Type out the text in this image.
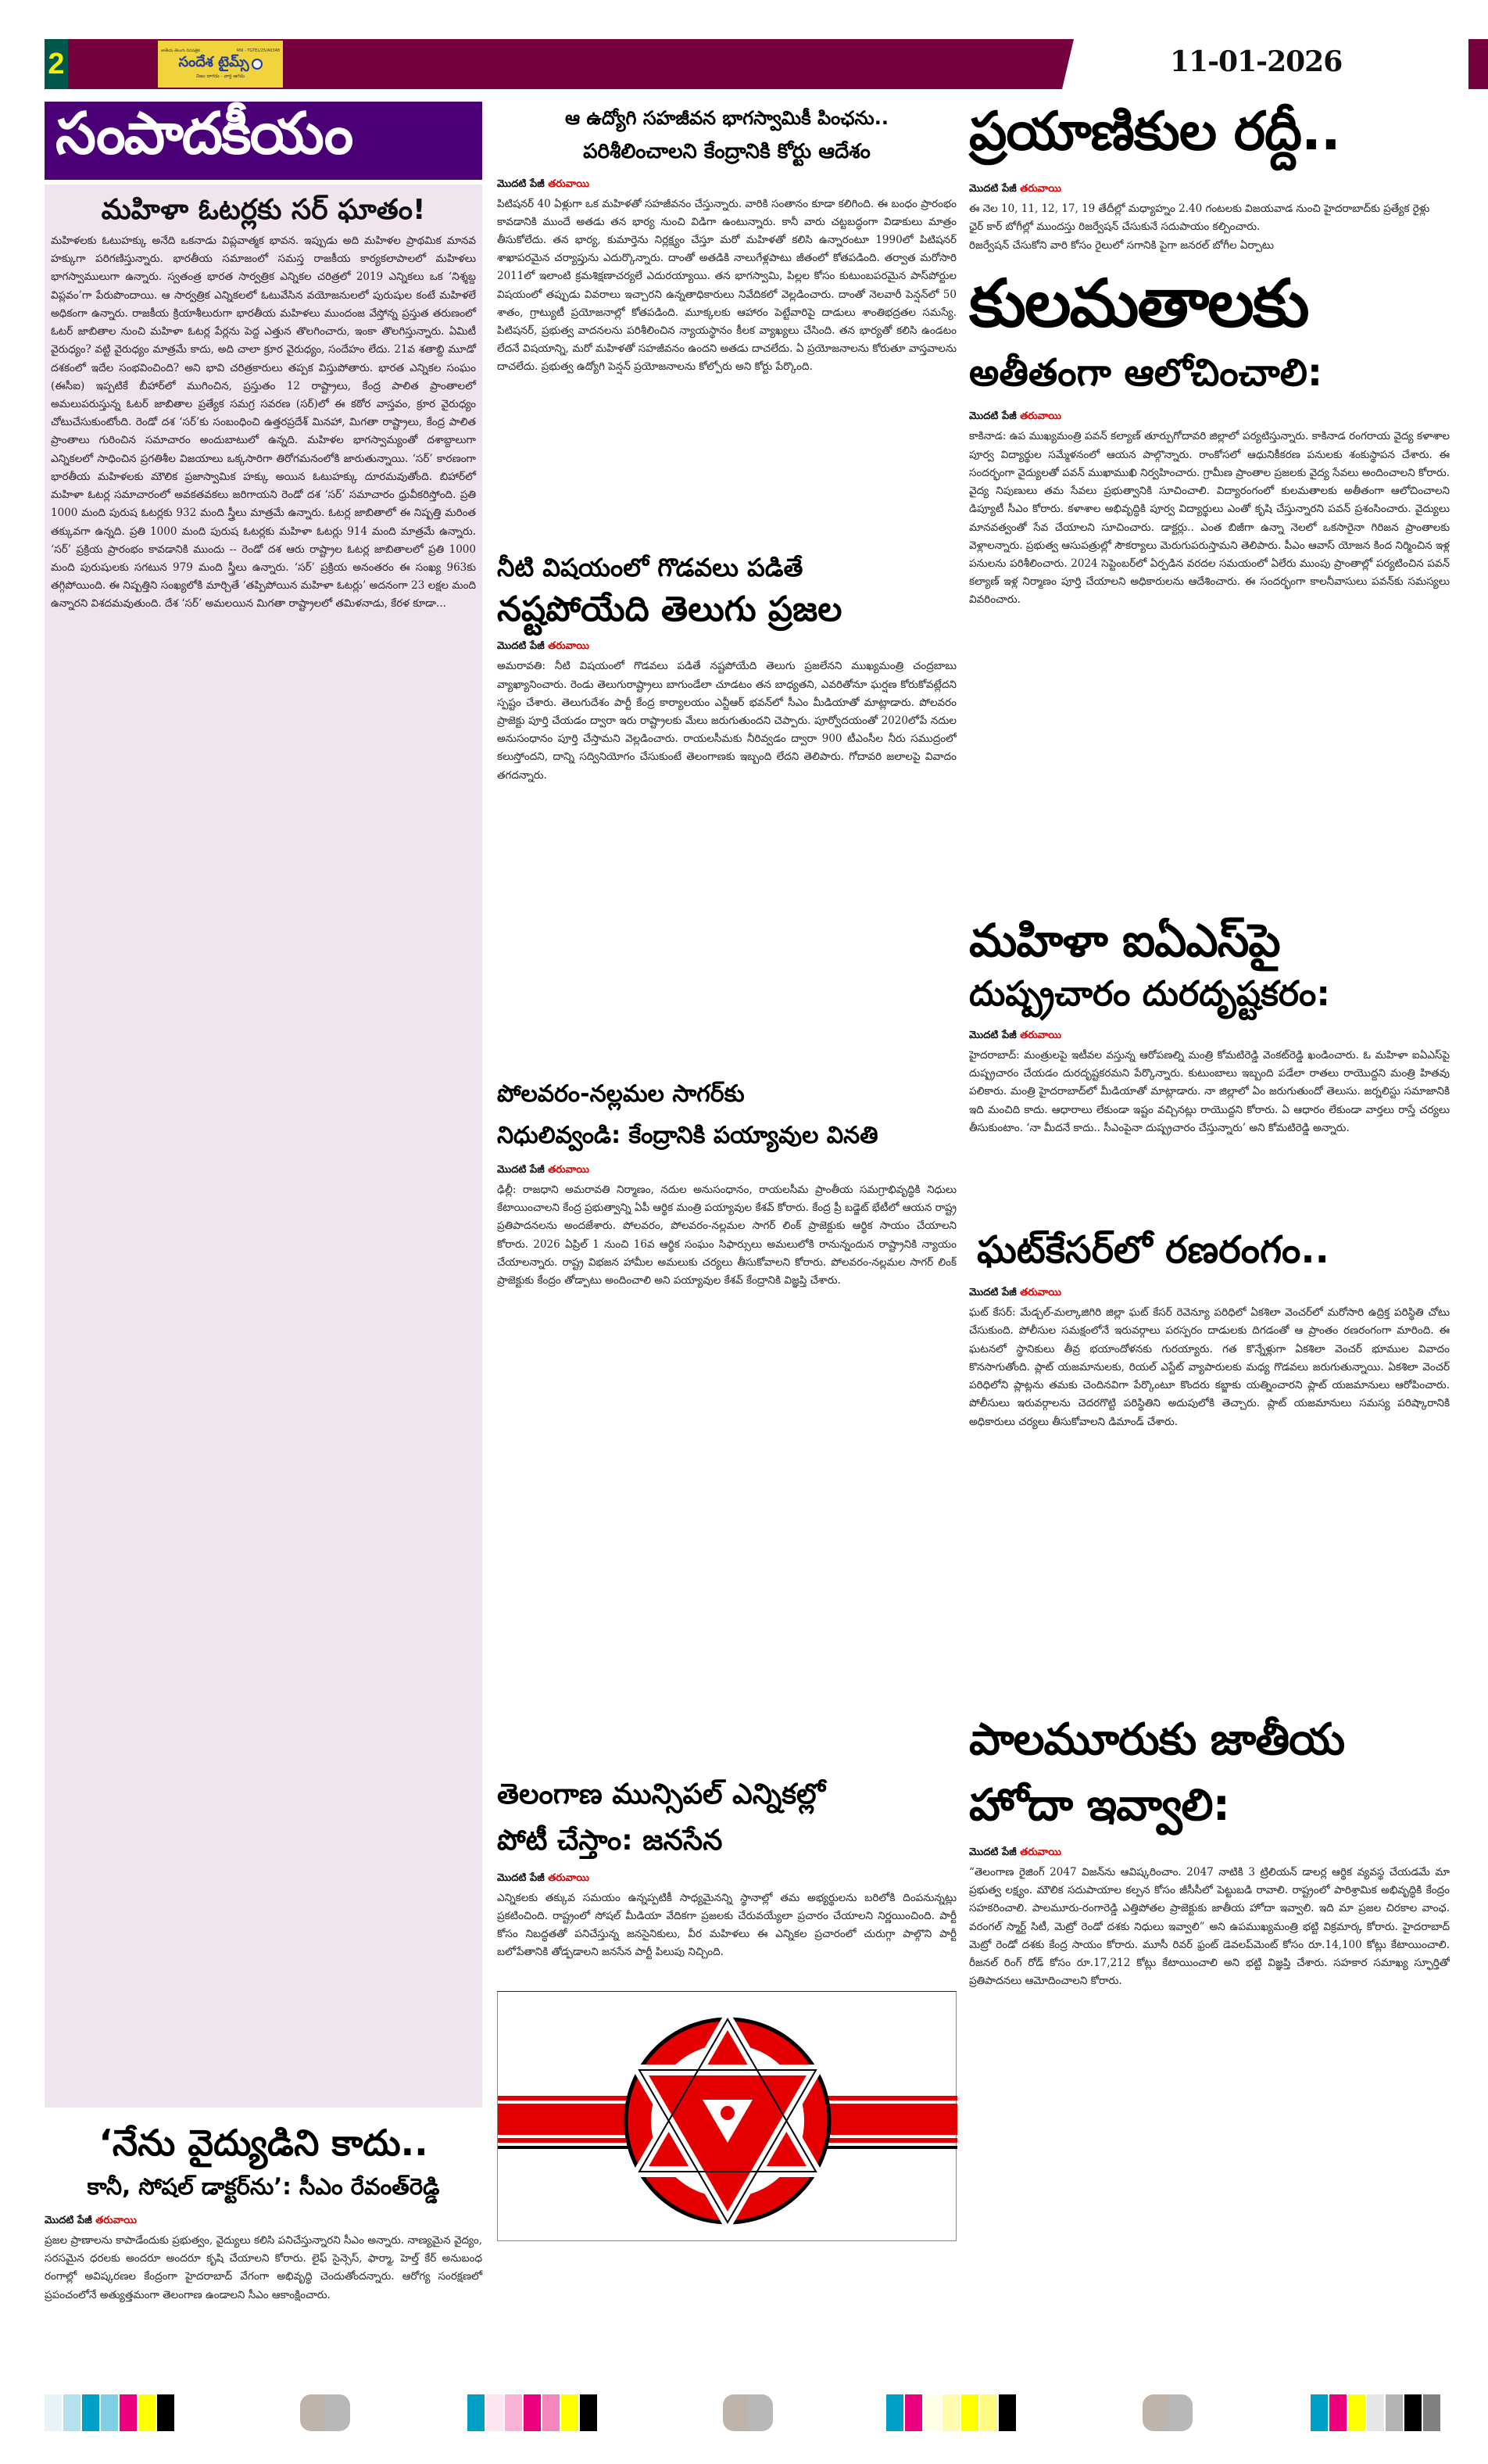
2	జాతీయ తెలుగు దినపత్రిక	RNI - TGTEL/25/A0348
సందేశ టైమ్స్
నిజం దాగదు - వార్త ఆగదు	11-01-2026
సంపాదకీయం
మహిళా ఓటర్లకు సర్ ఘాతం!
మహిళలకు ఓటుహక్కు అనేది ఒకనాడు విప్లవాత్మక భావన. ఇప్పుడు అది మహిళల ప్రాథమిక మానవ హక్కుగా పరిగణిస్తున్నారు. భారతీయ సమాజంలో సమస్త రాజకీయ కార్యకలాపాలలో మహిళలు భాగస్వాములుగా ఉన్నారు. స్వతంత్ర భారత సార్వత్రిక ఎన్నికల చరిత్రలో 2019 ఎన్నికలు ఒక ‘నిశ్శబ్ద విప్లవం’గా పేరుపొందాయి. ఆ సార్వత్రిక ఎన్నికలలో ఓటువేసిన వయోజనులలో పురుషుల కంటే మహిళలే అధికంగా ఉన్నారు. రాజకీయ క్రియాశీలురుగా భారతీయ మహిళలు ముందంజ వేస్తోన్న ప్రస్తుత తరుణంలో ఓటర్ జాబితాల నుంచి మహిళా ఓటర్ల పేర్లను పెద్ద ఎత్తున తొలగించారు, ఇంకా తొలగిస్తున్నారు. ఏమిటీ వైరుధ్యం? వట్టి వైరుధ్యం మాత్రమే కాదు, అది చాలా క్రూర వైరుధ్యం, సందేహం లేదు. 21వ శతాబ్ది మూడో దశకంలో ఇదేల సంభవించింది? అని భావి చరిత్రకారులు తప్పక విస్తుపోతారు. భారత ఎన్నికల సంఘం (ఈసీఐ) ఇప్పటికే బీహార్‌లో ముగించిన, ప్రస్తుతం 12 రాష్ట్రాలు, కేంద్ర పాలిత ప్రాంతాలలో అమలుపరుస్తున్న ఓటర్ జాబితాల ప్రత్యేక సమగ్ర సవరణ (సర్)లో ఈ కఠోర వాస్తవం, క్రూర వైరుధ్యం చోటుచేసుకుంటోంది. రెండో దశ ‘సర్’కు సంబంధించి ఉత్తరప్రదేశ్ మినహా, మిగతా రాష్ట్రాలు, కేంద్ర పాలిత ప్రాంతాలు గురించిన సమాచారం అందుబాటులో ఉన్నది. మహిళల భాగస్వామ్యంతో దశాబ్దాలుగా ఎన్నికలలో సాధించిన ప్రగతిశీల విజయాలు ఒక్కసారిగా తిరోగమనంలోకి జారుతున్నాయి. ‘సర్’ కారణంగా భారతీయ మహిళలకు మౌలిక ప్రజాస్వామిక హక్కు అయిన ఓటుహక్కు దూరమవుతోంది. బిహార్‌లో మహిళా ఓటర్ల సమాచారంలో అవకతవకలు జరిగాయని రెండో దశ ‘సర్’ సమాచారం ధ్రువీకరిస్తోంది. ప్రతి 1000 మంది పురుష ఓటర్లకు 932 మంది స్త్రీలు మాత్రమే ఉన్నారు. ఓటర్ల జాబితాలో ఈ నిష్పత్తి మరింత తక్కువగా ఉన్నది. ప్రతి 1000 మంది పురుష ఓటర్లకు మహిళా ఓటర్లు 914 మంది మాత్రమే ఉన్నారు. ‘సర్’ ప్రక్రియ ప్రారంభం కావడానికి ముందు -- రెండో దశ ఆరు రాష్ట్రాల ఓటర్ల జాబితాలలో ప్రతి 1000 మంది పురుషులకు సగటున 979 మంది స్త్రీలు ఉన్నారు. ‘సర్’ ప్రక్రియ అనంతరం ఈ సంఖ్య 963కు తగ్గిపోయింది. ఈ నిష్పత్తిని సంఖ్యలోకి మార్చితే ‘తప్పిపోయిన మహిళా ఓటర్లు’ అదనంగా 23 లక్షల మంది ఉన్నారని విశదమవుతుంది. దేశ ‘సర్’ అమలయిన మిగతా రాష్ట్రాలలో తమిళనాడు, కేరళ కూడా...
‘నేను వైద్యుడిని కాదు..
కానీ, సోషల్ డాక్టర్‌ను’: సీఎం రేవంత్‌రెడ్డి
మొదటి పేజీ తరువాయి
ప్రజల ప్రాణాలను కాపాడేందుకు ప్రభుత్వం, వైద్యులు కలిసి పనిచేస్తున్నారని సీఎం అన్నారు. నాణ్యమైన వైద్యం, సరసమైన ధరలకు అందరూ అందరూ కృషి చేయాలని కోరారు. లైఫ్ సైన్సెస్, ఫార్మా, హెల్త్ కేర్ అనుబంధ రంగాల్లో అవిష్కరణల కేంద్రంగా హైదరాబాద్ వేగంగా అభివృద్ధి చెందుతోందన్నారు. ఆరోగ్య సంరక్షణలో ప్రపంచంలోనే అత్యుత్తమంగా తెలంగాణ ఉండాలని సీఎం ఆకాంక్షించారు.
ఆ ఉద్యోగి సహజీవన భాగస్వామికీ పింఛను..
పరిశీలించాలని కేంద్రానికి కోర్టు ఆదేశం
మొదటి పేజీ తరువాయి
పిటిషనర్ 40 ఏళ్లుగా ఒక మహిళతో సహజీవనం చేస్తున్నారు. వారికి సంతానం కూడా కలిగింది. ఈ బంధం ప్రారంభం కావడానికి ముందే అతడు తన భార్య నుంచి విడిగా ఉంటున్నారు. కానీ వారు చట్టబద్ధంగా విడాకులు మాత్రం తీసుకోలేదు. తన భార్య, కుమార్తెను నిర్లక్ష్యం చేస్తూ మరో మహిళతో కలిసి ఉన్నారంటూ 1990లో పిటిషనర్ శాఖాపరమైన చర్యాప్తును ఎదుర్కొన్నారు. దాంతో అతడికి నాలుగేళ్లపాటు జీతంలో కోతపడింది. తర్వాత మరోసారి 2011లో ఇలాంటి క్రమశిక్షణాచర్యలే ఎదురయ్యాయి. తన భాగస్వామి, పిల్లల కోసం కుటుంబపరమైన పాస్‌పోర్టుల విషయంలో తప్పుడు వివరాలు ఇచ్చారని ఉన్నతాధికారులు నివేదికలో వెల్లడించారు. దాంతో నెలవారీ పెన్షన్‌లో 50 శాతం, గ్రాట్యుటీ ప్రయోజనాల్లో కోతపడింది. మూక్కలకు ఆహారం పెట్టేవారిపై దాడులు శాంతిభద్రతల సమస్యే. పిటిషనర్, ప్రభుత్వ వాదనలను పరిశీలించిన న్యాయస్థానం కీలక వ్యాఖ్యలు చేసింది. తన భార్యతో కలిసి ఉండటం లేదనే విషయాన్ని, మరో మహిళతో సహజీవనం ఉందని అతడు దాచలేదు. ఏ ప్రయోజనాలను కోరుతూ వాస్తవాలను దాచలేదు. ప్రభుత్వ ఉద్యోగి పెన్షన్ ప్రయోజనాలను కోల్పోరు అని కోర్టు పేర్కొంది.
నీటి విషయంలో గొడవలు పడితే
నష్టపోయేది తెలుగు ప్రజల
మొదటి పేజీ తరువాయి
అమరావతి: నీటి విషయంలో గొడవలు పడితే నష్టపోయేది తెలుగు ప్రజలేనని ముఖ్యమంత్రి చంద్రబాబు వ్యాఖ్యానించారు. రెండు తెలుగురాష్ట్రాలు బాగుండేలా చూడటం తన బాధ్యతని, ఎవరితోనూ ఘర్షణ కోరుకోవట్లేదని స్పష్టం చేశారు. తెలుగుదేశం పార్టీ కేంద్ర కార్యాలయం ఎన్టీఆర్ భవన్‌లో సీఎం మీడియాతో మాట్లాడారు. పోలవరం ప్రాజెక్టు పూర్తి చేయడం ద్వారా ఇరు రాష్ట్రాలకు మేలు జరుగుతుందని చెప్పారు. పూర్వోదయంతో 2020లోపే నదుల అనుసంధానం పూర్తి చేస్తామని వెల్లడించారు. రాయలసీమకు నీరివ్వడం ద్వారా 900 టీఎంసీల నీరు సముద్రంలో కలుస్తోందని, దాన్ని సద్వినియోగం చేసుకుంటే తెలంగాణకు ఇబ్బంది లేదని తెలిపారు. గోదావరి జలాలపై వివాదం తగదన్నారు.
పోలవరం-నల్లమల సాగర్‌కు
నిధులివ్వండి: కేంద్రానికి పయ్యావుల వినతి
మొదటి పేజీ తరువాయి
ఢిల్లీ: రాజధాని అమరావతి నిర్మాణం, నదుల అనుసంధానం, రాయలసీమ ప్రాంతీయ సమగ్రాభివృద్ధికి నిధులు కేటాయించాలని కేంద్ర ప్రభుత్వాన్ని ఏపీ ఆర్థిక మంత్రి పయ్యావుల కేశవ్ కోరారు. కేంద్ర ప్రీ బడ్జెట్ భేటీలో ఆయన రాష్ట్ర ప్రతిపాదనలను అందజేశారు. పోలవరం, పోలవరం-నల్లమల సాగర్ లింక్ ప్రాజెక్టుకు ఆర్థిక సాయం చేయాలని కోరారు. 2026 ఏప్రిల్ 1 నుంచి 16వ ఆర్థిక సంఘం సిఫార్సులు అమలులోకి రానున్నందున రాష్ట్రానికి న్యాయం చేయాలన్నారు. రాష్ట్ర విభజన హామీల అమలుకు చర్యలు తీసుకోవాలని కోరారు. పోలవరం-నల్లమల సాగర్ లింక్ ప్రాజెక్టుకు కేంద్రం తోడ్పాటు అందించాలి అని పయ్యావుల కేశవ్ కేంద్రానికి విజ్ఞప్తి చేశారు.
తెలంగాణ మున్సిపల్ ఎన్నికల్లో
పోటీ చేస్తాం: జనసేన
మొదటి పేజీ తరువాయి
ఎన్నికలకు తక్కువ సమయం ఉన్నప్పటికీ సాధ్యమైనన్ని స్థానాల్లో తమ అభ్యర్థులను బరిలోకి దింపనున్నట్లు ప్రకటించింది. రాష్ట్రంలో సోషల్ మీడియా వేదికగా ప్రజలకు చేరువయ్యేలా ప్రచారం చేయాలని నిర్ణయించింది. పార్టీ కోసం నిబద్ధతతో పనిచేస్తున్న జనసైనికులు, వీర మహిళలు ఈ ఎన్నికల ప్రచారంలో చురుగ్గా పాల్గొని పార్టీ బలోపేతానికి తోడ్పడాలని జనసేన పార్టీ పిలుపు నిచ్చింది.
ప్రయాణికుల రద్దీ..
మొదటి పేజీ తరువాయి

ఈ నెల 10, 11, 12, 17, 19 తేదీల్లో మధ్యాహ్నం 2.40 గంటలకు విజయవాడ నుంచి హైదరాబాద్‌కు ప్రత్యేక రైళ్లు

ఛైర్ కార్ బోగీల్లో ముందస్తు రిజర్వేషన్ చేసుకునే సదుపాయం కల్పించారు.

రిజర్వేషన్ చేసుకోని వారి కోసం రైలులో సగానికి పైగా జనరల్ బోగీల ఏర్పాటు

కులమతాలకు
అతీతంగా ఆలోచించాలి:
మొదటి పేజీ తరువాయి
కాకినాడ: ఉప ముఖ్యమంత్రి పవన్ కల్యాణ్ తూర్పుగోదావరి జిల్లాలో పర్యటిస్తున్నారు. కాకినాడ రంగరాయ వైద్య కళాశాల పూర్వ విద్యార్థుల సమ్మేళనంలో ఆయన పాల్గొన్నారు. రాంకోసలో ఆధునికీకరణ పనులకు శంకుస్థాపన చేశారు. ఈ సందర్భంగా వైద్యులతో పవన్ ముఖాముఖి నిర్వహించారు. గ్రామీణ ప్రాంతాల ప్రజలకు వైద్య సేవలు అందించాలని కోరారు. వైద్య నిపుణులు తమ సేవలు ప్రభుత్వానికి సూచించాలి. విద్యారంగంలో కులమతాలకు అతీతంగా ఆలోచించాలని డిప్యూటీ సీఎం కోరారు. కళాశాల అభివృద్ధికి పూర్వ విద్యార్థులు ఎంతో కృషి చేస్తున్నారని పవన్ ప్రశంసించారు. వైద్యులు మానవత్వంతో సేవ చేయాలని సూచించారు. డాక్టర్లు.. ఎంత బిజీగా ఉన్నా నెలలో ఒకసారైనా గిరిజన ప్రాంతాలకు వెళ్లాలన్నారు. ప్రభుత్వ ఆసుపత్రుల్లో సౌకర్యాలు మెరుగుపరుస్తామని తెలిపారు. పీఎం ఆవాస్ యోజన కింద నిర్మించిన ఇళ్ల పనులను పరిశీలించారు. 2024 సెప్టెంబర్‌లో ఏర్పడిన వరదల సమయంలో ఏలేరు ముంపు ప్రాంతాల్లో పర్యటించిన పవన్ కల్యాణ్ ఇళ్ల నిర్మాణం పూర్తి చేయాలని అధికారులను ఆదేశించారు. ఈ సందర్భంగా కాలనీవాసులు పవన్‌కు సమస్యలు వివరించారు.
మహిళా ఐఏఎస్‌పై
దుష్ప్రచారం దురదృష్టకరం:
మొదటి పేజీ తరువాయి
హైదరాబాద్: మంత్రులపై ఇటీవల వస్తున్న ఆరోపణల్ని మంత్రి కోమటిరెడ్డి వెంకట్‌రెడ్డి ఖండించారు. ఓ మహిళా ఐఏఎస్‌పై దుష్ప్రచారం చేయడం దురదృష్టకరమని పేర్కొన్నారు. కుటుంబాలు ఇబ్బంది పడేలా రాతలు రాయొద్దని మంత్రి హితవు పలికారు. మంత్రి హైదరాబాద్‌లో మీడియాతో మాట్లాడారు. నా జిల్లాలో ఏం జరుగుతుందో తెలుసు. జర్నలిస్టు సమాజానికి ఇది మంచిది కాదు. ఆధారాలు లేకుండా ఇష్టం వచ్చినట్లు రాయొద్దని కోరారు. ఏ ఆధారం లేకుండా వార్తలు రాస్తే చర్యలు తీసుకుంటాం. ‘నా మీదనే కాదు.. సీఎంపైనా దుష్ప్రచారం చేస్తున్నారు’ అని కోమటిరెడ్డి అన్నారు.
ఘట్‌కేసర్‌లో రణరంగం..
మొదటి పేజీ తరువాయి
ఘట్ కేసర్: మేడ్చల్-మల్కాజిగిరి జిల్లా ఘట్ కేసర్ రెవెన్యూ పరిధిలో ఏకశిలా వెంచర్‌లో మరోసారి ఉద్రిక్త పరిస్థితి చోటు చేసుకుంది. పోలీసుల సమక్షంలోనే ఇరువర్గాలు పరస్పరం దాడులకు దిగడంతో ఆ ప్రాంతం రణరంగంగా మారింది. ఈ ఘటనలో స్థానికులు తీవ్ర భయాందోళనకు గురయ్యారు. గత కొన్నేళ్లుగా ఏకశిలా వెంచర్ భూముల వివాదం కొనసాగుతోంది. ప్లాట్ యజమానులకు, రియల్ ఎస్టేట్ వ్యాపారులకు మధ్య గొడవలు జరుగుతున్నాయి. ఏకశిలా వెంచర్ పరిధిలోని ప్లాట్లను తమకు చెందినవిగా పేర్కొంటూ కొందరు కబ్జాకు యత్నించారని ప్లాట్ యజమానులు ఆరోపించారు. పోలీసులు ఇరువర్గాలను చెదరగొట్టి పరిస్థితిని అదుపులోకి తెచ్చారు. ప్లాట్ యజమానులు సమస్య పరిష్కారానికి అధికారులు చర్యలు తీసుకోవాలని డిమాండ్ చేశారు.
పాలమూరుకు జాతీయ
హోదా ఇవ్వాలి:
మొదటి పేజీ తరువాయి
“తెలంగాణ రైజింగ్ 2047 విజన్‌ను ఆవిష్కరించాం. 2047 నాటికి 3 ట్రిలియన్ డాలర్ల ఆర్థిక వ్యవస్థ చేయడమే మా ప్రభుత్వ లక్ష్యం. మౌలిక సదుపాయాల కల్పన కోసం జీసీసీలో పెట్టుబడి రావాలి. రాష్ట్రంలో పారిశ్రామిక అభివృద్ధికి కేంద్రం సహకరించాలి. పాలమూరు-రంగారెడ్డి ఎత్తిపోతల ప్రాజెక్టుకు జాతీయ హోదా ఇవ్వాలి. ఇది మా ప్రజల చిరకాల వాంఛ. వరంగల్ స్మార్ట్ సిటీ, మెట్రో రెండో దశకు నిధులు ఇవ్వాలి” అని ఉపముఖ్యమంత్రి భట్టి విక్రమార్క కోరారు. హైదరాబాద్ మెట్రో రెండో దశకు కేంద్ర సాయం కోరారు. మూసీ రివర్ ఫ్రంట్ డెవలప్‌మెంట్ కోసం రూ.14,100 కోట్లు కేటాయించాలి. రీజనల్ రింగ్ రోడ్ కోసం రూ.17,212 కోట్లు కేటాయించాలి అని భట్టి విజ్ఞప్తి చేశారు. సహకార సమాఖ్య స్ఫూర్తితో ప్రతిపాదనలు ఆమోదించాలని కోరారు.
